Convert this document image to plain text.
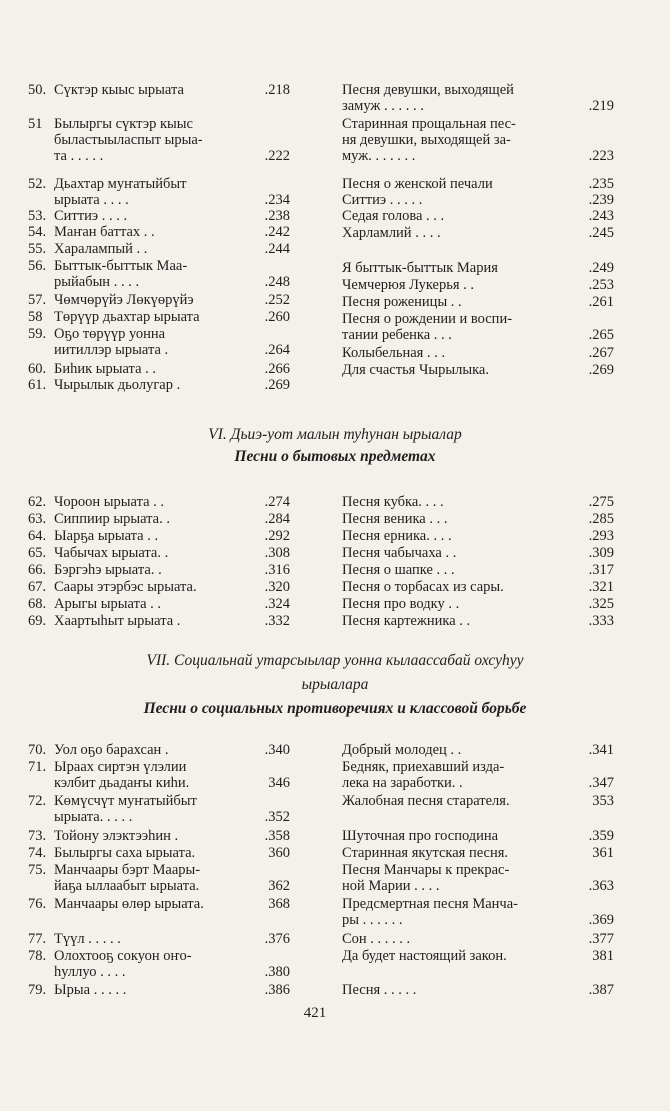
50. Сүктэр кыыс ырыата	.218
51 Былыргы сүктэр кыыс
быластыыласпыт ырыа-
та . . . . .	.222
52. Дьахтар муҥатыйбыт
ырыата . . . .	.234
53. Ситтиэ . . . .	.238
54. Маҥан баттах . .	.242
55. Харалампый . .	.244
56. Быттык-быттык Маа-
рыйабын . . . .	.248
57. Чөмчөрүйэ Лөкүөрүйэ	.252
58 Төрүүр дьахтар ырыата	.260
59. Оҕо төрүүр уонна
иитиллэр ырыата .	.264
60. Биһик ырыата . .	.266
61. Чырылык дьолугар .	.269
Песня девушки, выходящей
замуж . . . . . .	.219
Старинная прощальная пес-
ня девушки, выходящей за-
муж. . . . . . .	.223
Песня о женской печали	.235
Ситтиэ . . . . .	.239
Седая голова . . .	.243
Харламлий . . . .	.245
Я быттык-быттык Мария	.249
Чемчерюя Лукерья . .	.253
Песня роженицы . .	.261
Песня о рождении и воспи-
тании ребенка . . .	.265
Колыбельная . . .	.267
Для счастья Чырылыка.	.269
VI. Дьиэ-уот малын туһунан ырыалар
Песни о бытовых предметах
62. Чороон ырыата . .	.274
63. Сиппиир ырыата. .	.284
64. Ыарҕа ырыата . .	.292
65. Чабычах ырыата. .	.308
66. Бэргэһэ ырыата. .	.316
67. Саары этэрбэс ырыата.	.320
68. Арыгы ырыата . .	.324
69. Хаартыһыт ырыата .	.332
Песня кубка. . . .	.275
Песня веника . . .	.285
Песня ерника. . . .	.293
Песня чабычаха . .	.309
Песня о шапке . . .	.317
Песня о торбасах из сары.	.321
Песня про водку . .	.325
Песня картежника . .	.333
VII. Социальнай утарсыылар уонна кылаассабай охсуһуу
ырыалара
Песни о социальных противоречиях и классовой борьбе
70. Уол оҕо барахсан .	.340
71. Ыраах сиртэн үлэлии
кэлбит дьадаҥы киһи.	346
72. Көмүсчүт муҥатыйбыт
ырыата. . . . .	.352
73. Тойону элэктээһин .	.358
74. Былыргы саха ырыата.	360
75. Манчаары бэрт Маары-
йаҕа ыллаабыт ырыата.	362
76. Манчаары өлөр ырыата.	368
77. Түүл . . . . .	.376
78. Олохтооҕ сокуон оҥо-
һуллуо . . . .	.380
79. Ырыа . . . . .	.386
Добрый молодец . .	.341
Бедняк, приехавший изда-
лека на заработки. .	.347
Жалобная песня старателя.	353
Шуточная про господина	.359
Старинная якутская песня.	361
Песня Манчары к прекрас-
ной Марии . . . .	.363
Предсмертная песня Манча-
ры . . . . . .	.369
Сон . . . . . .	.377
Да будет настоящий закон.	381
Песня . . . . .	.387
421
